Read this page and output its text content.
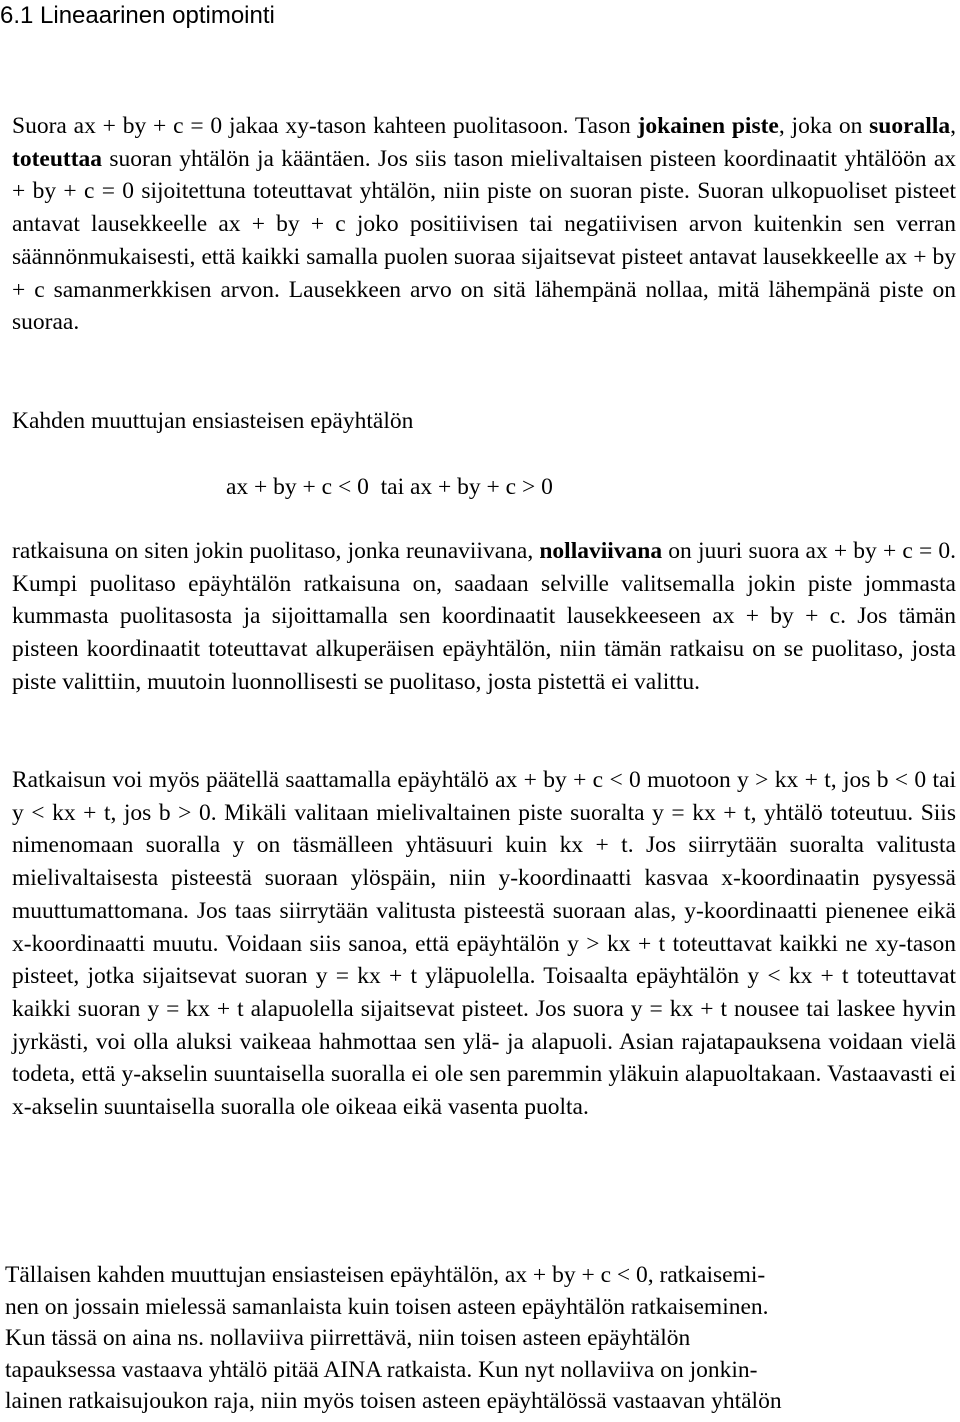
6.1 Lineaarinen optimointi

Suora ax + by + c = 0 jakaa xy-tason kahteen puolitasoon. Tason jokainen piste, joka on suoralla, toteuttaa suoran yhtälön ja kääntäen. Jos siis tason mielivaltaisen pisteen koordinaatit yhtälöön ax + by + c = 0 sijoitettuna toteuttavat yhtälön, niin piste on suoran piste. Suoran ulkopuoliset pisteet antavat lausekkeelle ax + by + c joko positiivisen tai negatiivisen arvon kuitenkin sen verran säännönmukaisesti, että kaikki samalla puolen suoraa sijaitsevat pisteet antavat lausekkeelle ax + by + c samanmerkkisen arvon. Lausekkeen arvo on sitä lähempänä nollaa, mitä lähempänä piste on suoraa.

Kahden muuttujan ensiasteisen epäyhtälön

ax + by + c < 0  tai ax + by + c > 0

ratkaisuna on siten jokin puolitaso, jonka reunaviivana, nollaviivana on juuri suora ax + by + c = 0. Kumpi puolitaso epäyhtälön ratkaisuna on, saadaan selville valitsemalla jokin piste jommasta kummasta puolitasosta ja sijoittamalla sen koordinaatit lausekkeeseen ax + by + c. Jos tämän pisteen koordinaatit toteuttavat alkuperäisen epäyhtälön, niin tämän ratkaisu on se puolitaso, josta piste valittiin, muutoin luonnollisesti se puolitaso, josta pistettä ei valittu.

Ratkaisun voi myös päätellä saattamalla epäyhtälö ax + by + c < 0 muotoon y > kx + t, jos b < 0 tai y < kx + t, jos b > 0. Mikäli valitaan mielivaltainen piste suoralta y = kx + t, yhtälö toteutuu. Siis nimenomaan suoralla y on täsmälleen yhtäsuuri kuin kx + t. Jos siirrytään suoralta valitusta mielivaltaisesta pisteestä suoraan ylöspäin, niin y-koordinaatti kasvaa x-koordinaatin pysyessä muuttumattomana. Jos taas siirrytään valitusta pisteestä suoraan alas, y-koordinaatti pienenee eikä x-koordinaatti muutu. Voidaan siis sanoa, että epäyhtälön y > kx + t toteuttavat kaikki ne xy-tason pisteet, jotka sijaitsevat suoran y = kx + t yläpuolella. Toisaalta epäyhtälön y < kx + t toteuttavat kaikki suoran y = kx + t alapuolella sijaitsevat pisteet. Jos suora y = kx + t nousee tai laskee hyvin jyrkästi, voi olla aluksi vaikeaa hahmottaa sen ylä- ja alapuoli. Asian rajatapauksena voidaan vielä todeta, että y-akselin suuntaisella suoralla ei ole sen paremmin yläkuin alapuoltakaan. Vastaavasti ei x-akselin suuntaisella suoralla ole oikeaa eikä vasenta puolta.

Tällaisen kahden muuttujan ensiasteisen epäyhtälön, ax + by + c < 0, ratkaisemi-
nen on jossain mielessä samanlaista kuin toisen asteen epäyhtälön ratkaiseminen.
Kun tässä on aina ns. nollaviiva piirrettävä, niin toisen asteen epäyhtälön
tapauksessa vastaava yhtälö pitää AINA ratkaista. Kun nyt nollaviiva on jonkin-
lainen ratkaisujoukon raja, niin myös toisen asteen epäyhtälössä vastaavan yhtälön
